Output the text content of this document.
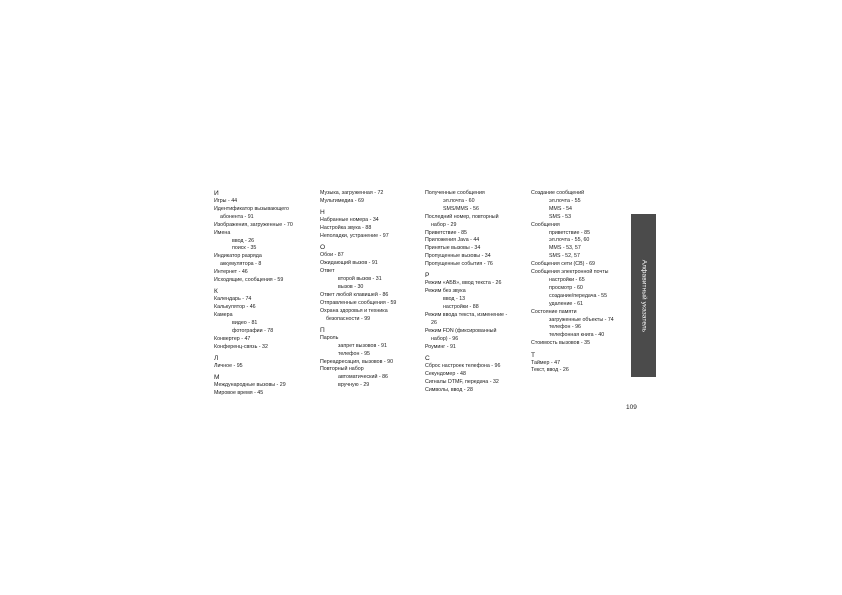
И
Игры - 44
Идентификатор вызывающего
абонента - 91
Изображения, загруженные - 70
Имена
ввод - 26
поиск - 35
Индикатор разряда
аккумулятора - 8
Интернет - 46
Исходящие, сообщения - 59
К
Календарь - 74
Калькулятор - 46
Камера
видео - 81
фотографии - 78
Конвертер - 47
Конференц-связь - 32
Л
Личное - 95
М
Международные вызовы - 29
Мировое время - 45
Музыка, загруженная - 72
Мультимедиа - 69
Н
Набранные номера - 34
Настройка звука - 88
Неполадки, устранение - 97
О
Обои - 87
Ожидающий вызов - 91
Ответ
второй вызов - 31
вызов - 30
Ответ любой клавишей - 86
Отправленные сообщения - 59
Охрана здоровья и техника
безопасности - 99
П
Пароль
запрет вызовов - 91
телефон - 95
Переадресация, вызовов - 90
Повторный набор
автоматический - 86
вручную - 29
Полученные сообщения
эл.почта - 60
SMS/MMS - 56
Последний номер, повторный
набор - 29
Приветствие - 85
Приложения Java - 44
Принятые вызовы - 34
Пропущенные вызовы - 34
Пропущенные события - 76
Р
Режим «АБВ», ввод текста - 26
Режим без звука
ввод - 13
настройки - 88
Режим ввода текста, изменение -
26
Режим FDN (фиксированный
набор) - 96
Роуминг - 91
С
Сброс настроек телефона - 96
Секундомер - 48
Сигналы DTMF, передача - 32
Символы, ввод - 28
Создание сообщений
эл.почта - 55
MMS - 54
SMS - 53
Сообщения
приветствие - 85
эл.почта - 55, 60
MMS - 53, 57
SMS - 52, 57
Сообщения сети (CB) - 69
Сообщения электронной почты
настройки - 65
просмотр - 60
создание/передача - 55
удаление - 61
Состояние памяти
загруженные объекты - 74
телефон - 96
телефонная книга - 40
Стоимость вызовов - 35
Т
Таймер - 47
Текст, ввод - 26
Алфавитный указатель
109
